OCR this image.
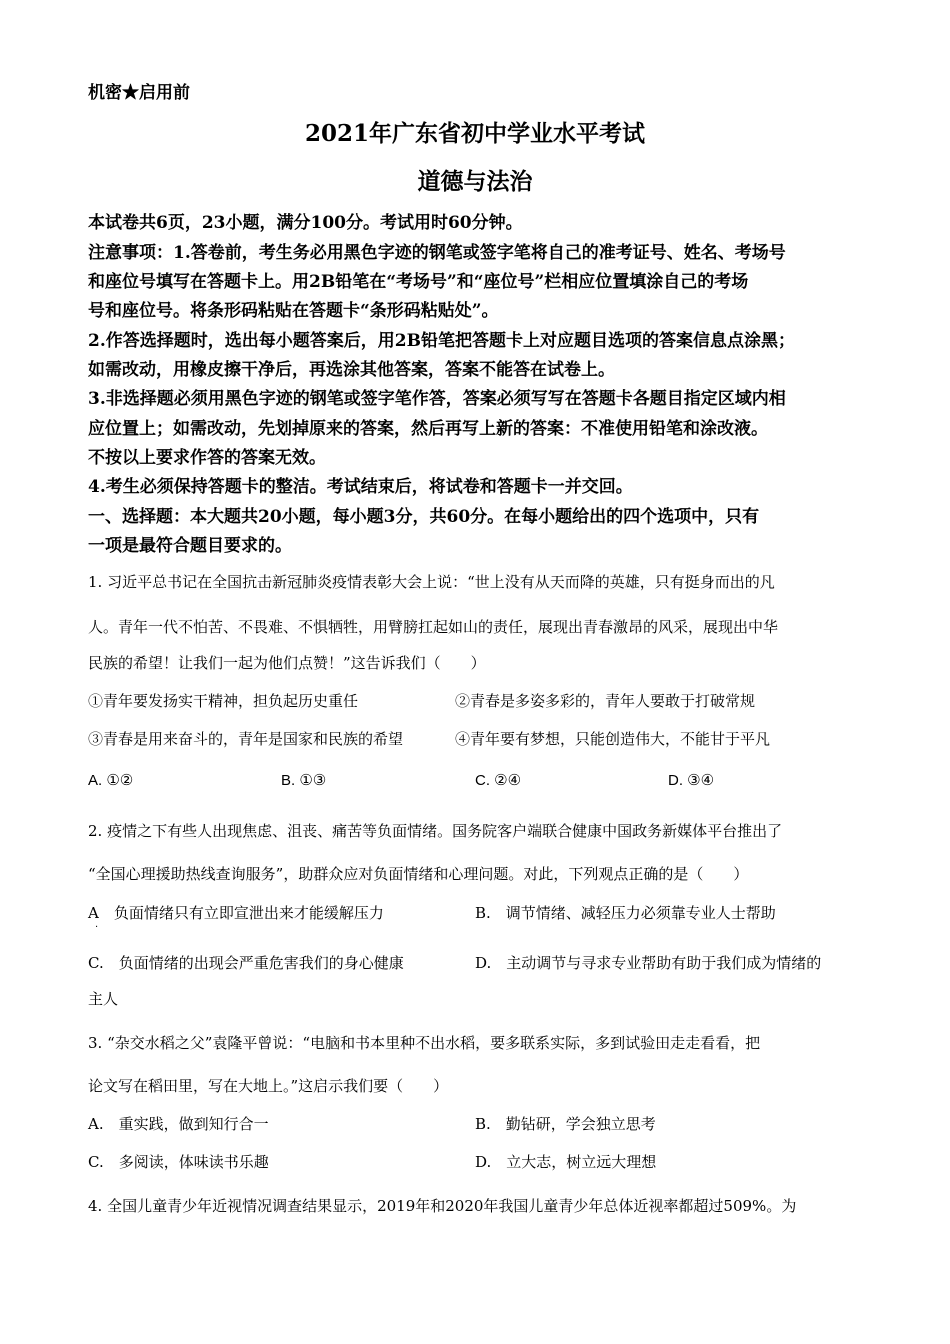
机密★启用前
2021年广东省初中学业水平考试
道德与法治
本试卷共6页，23小题，满分100分。考试用时60分钟。
注意事项：1.答卷前，考生务必用黑色字迹的钢笔或签字笔将自己的准考证号、姓名、考场号
和座位号填写在答题卡上。用2B铅笔在“考场号”和“座位号”栏相应位置填涂自己的考场
号和座位号。将条形码粘贴在答题卡“条形码粘贴处”。
2.作答选择题时，选出每小题答案后，用2B铅笔把答题卡上对应题目选项的答案信息点涂黑；
如需改动，用橡皮擦干净后，再选涂其他答案，答案不能答在试卷上。
3.非选择题必须用黑色字迹的钢笔或签字笔作答，答案必须写写在答题卡各题目指定区域内相
应位置上；如需改动，先划掉原来的答案，然后再写上新的答案：不准使用铅笔和涂改液。
不按以上要求作答的答案无效。
4.考生必须保持答题卡的整洁。考试结束后，将试卷和答题卡一并交回。
一、选择题：本大题共20小题，每小题3分，共60分。在每小题给出的四个选项中，只有
一项是最符合题目要求的。
1. 习近平总书记在全国抗击新冠肺炎疫情表彰大会上说：“世上没有从天而降的英雄，只有挺身而出的凡
人。青年一代不怕苦、不畏难、不惧牺牲，用臂膀扛起如山的责任，展现出青春激昂的风采，展现出中华
民族的希望！让我们一起为他们点赞！”这告诉我们（　　）
①青年要发扬实干精神，担负起历史重任	②青春是多姿多彩的，青年人要敢于打破常规
③青春是用来奋斗的，青年是国家和民族的希望	④青年要有梦想，只能创造伟大，不能甘于平凡
A. ①②	B. ①③	C. ②④	D. ③④
2. 疫情之下有些人出现焦虑、沮丧、痛苦等负面情绪。国务院客户端联合健康中国政务新媒体平台推出了
“全国心理援助热线查询服务”，助群众应对负面情绪和心理问题。对此，下列观点正确的是（　　）
A　负面情绪只有立即宣泄出来才能缓解压力	B.　调节情绪、减轻压力必须靠专业人士帮助
·
C.　负面情绪的出现会严重危害我们的身心健康	D.　主动调节与寻求专业帮助有助于我们成为情绪的
主人
3. “杂交水稻之父”袁隆平曾说：“电脑和书本里种不出水稻，要多联系实际，多到试验田走走看看，把
论文写在稻田里，写在大地上。”这启示我们要（　　）
A.　重实践，做到知行合一	B.　勤钻研，学会独立思考
C.　多阅读，体味读书乐趣	D.　立大志，树立远大理想
4. 全国儿童青少年近视情况调查结果显示，2019年和2020年我国儿童青少年总体近视率都超过509%。为
